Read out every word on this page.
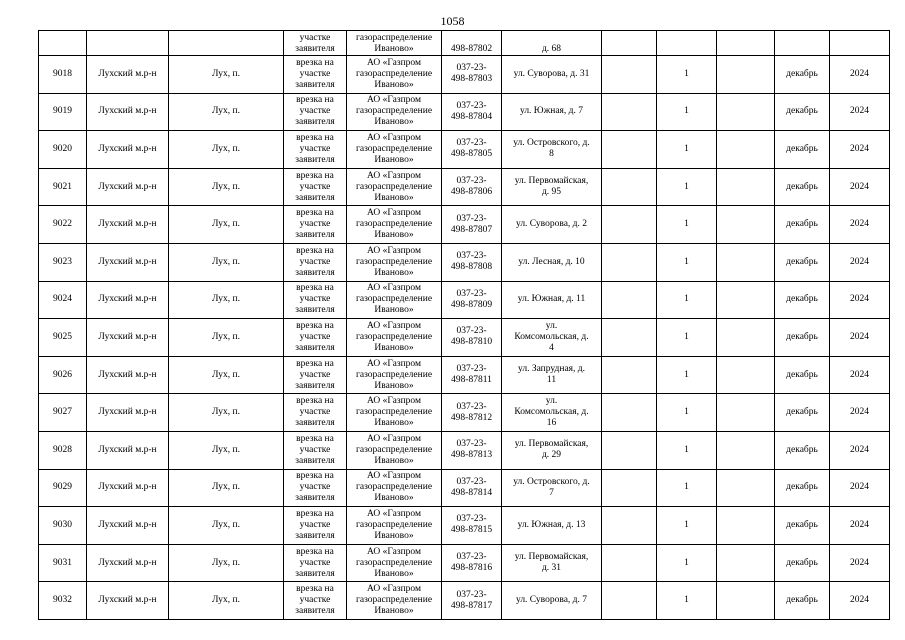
1058
			участке
заявителя	газораспределение
Иваново»	498-87802	д. 68					
9018	Лухский м.р-н	Лух, п.	врезка на
участке
заявителя	АО «Газпром
газораспределение
Иваново»	037-23-
498-87803	ул. Суворова, д. 31		1		декабрь	2024
9019	Лухский м.р-н	Лух, п.	врезка на
участке
заявителя	АО «Газпром
газораспределение
Иваново»	037-23-
498-87804	ул. Южная, д. 7		1		декабрь	2024
9020	Лухский м.р-н	Лух, п.	врезка на
участке
заявителя	АО «Газпром
газораспределение
Иваново»	037-23-
498-87805	ул. Островского, д.
8		1		декабрь	2024
9021	Лухский м.р-н	Лух, п.	врезка на
участке
заявителя	АО «Газпром
газораспределение
Иваново»	037-23-
498-87806	ул. Первомайская,
д. 95		1		декабрь	2024
9022	Лухский м.р-н	Лух, п.	врезка на
участке
заявителя	АО «Газпром
газораспределение
Иваново»	037-23-
498-87807	ул. Суворова, д. 2		1		декабрь	2024
9023	Лухский м.р-н	Лух, п.	врезка на
участке
заявителя	АО «Газпром
газораспределение
Иваново»	037-23-
498-87808	ул. Лесная, д. 10		1		декабрь	2024
9024	Лухский м.р-н	Лух, п.	врезка на
участке
заявителя	АО «Газпром
газораспределение
Иваново»	037-23-
498-87809	ул. Южная, д. 11		1		декабрь	2024
9025	Лухский м.р-н	Лух, п.	врезка на
участке
заявителя	АО «Газпром
газораспределение
Иваново»	037-23-
498-87810	ул.
Комсомольская, д.
4		1		декабрь	2024
9026	Лухский м.р-н	Лух, п.	врезка на
участке
заявителя	АО «Газпром
газораспределение
Иваново»	037-23-
498-87811	ул. Запрудная, д.
11		1		декабрь	2024
9027	Лухский м.р-н	Лух, п.	врезка на
участке
заявителя	АО «Газпром
газораспределение
Иваново»	037-23-
498-87812	ул.
Комсомольская, д.
16		1		декабрь	2024
9028	Лухский м.р-н	Лух, п.	врезка на
участке
заявителя	АО «Газпром
газораспределение
Иваново»	037-23-
498-87813	ул. Первомайская,
д. 29		1		декабрь	2024
9029	Лухский м.р-н	Лух, п.	врезка на
участке
заявителя	АО «Газпром
газораспределение
Иваново»	037-23-
498-87814	ул. Островского, д.
7		1		декабрь	2024
9030	Лухский м.р-н	Лух, п.	врезка на
участке
заявителя	АО «Газпром
газораспределение
Иваново»	037-23-
498-87815	ул. Южная, д. 13		1		декабрь	2024
9031	Лухский м.р-н	Лух, п.	врезка на
участке
заявителя	АО «Газпром
газораспределение
Иваново»	037-23-
498-87816	ул. Первомайская,
д. 31		1		декабрь	2024
9032	Лухский м.р-н	Лух, п.	врезка на
участке
заявителя	АО «Газпром
газораспределение
Иваново»	037-23-
498-87817	ул. Суворова, д. 7		1		декабрь	2024
